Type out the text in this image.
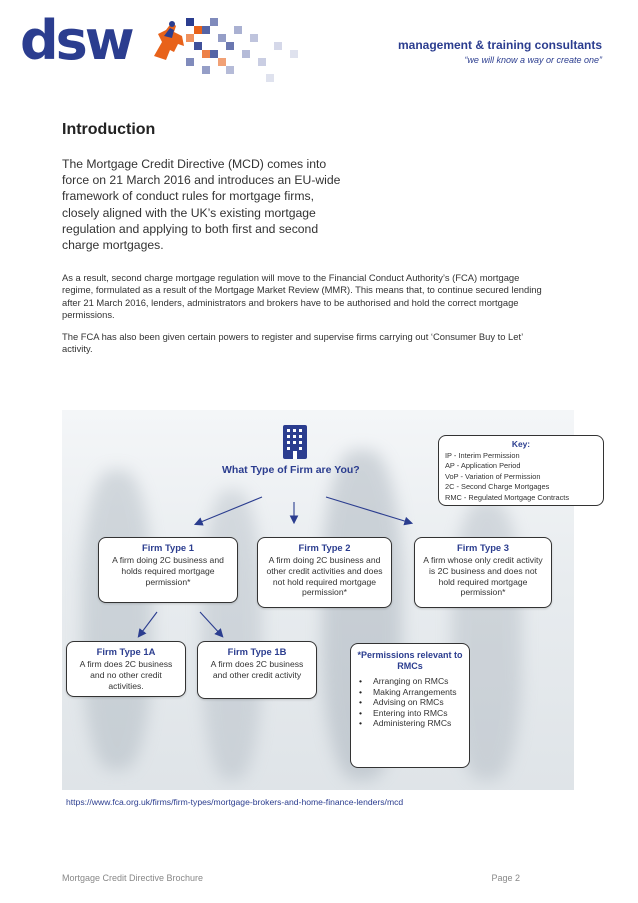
dsw	management & training consultants
“we will know a way or create one”
Introduction
The Mortgage Credit Directive (MCD) comes into force on 21 March 2016 and introduces an EU-wide framework of conduct rules for mortgage firms, closely aligned with the UK’s existing mortgage regulation and applying to both first and second charge mortgages.
As a result, second charge mortgage regulation will move to the Financial Conduct Authority’s (FCA) mortgage regime, formulated as a result of the Mortgage Market Review (MMR). This means that, to continue secured lending after 21 March 2016, lenders, administrators and brokers have to be authorised and hold the correct mortgage permissions.
The FCA has also been given certain powers to register and supervise firms carrying out ‘Consumer Buy to Let’ activity.
What Type of Firm are You?
Key:
IP - Interim Permission
AP - Application Period
VoP - Variation of Permission
2C - Second Charge Mortgages
RMC - Regulated Mortgage Contracts
Firm Type 1
A firm doing 2C business and holds required mortgage permission*
Firm Type 2
A firm doing 2C business and other credit activities and does not hold required mortgage permission*
Firm Type 3
A firm whose only credit activity is 2C business and does not hold required mortgage permission*
Firm Type 1A
A firm does 2C business and no other credit activities.
Firm Type 1B
A firm does 2C business and other credit activity
*Permissions relevant to RMCs
• Arranging on RMCs
• Making Arrangements
• Advising on RMCs
• Entering into RMCs
• Administering RMCs
https://www.fca.org.uk/firms/firm-types/mortgage-brokers-and-home-finance-lenders/mcd
Mortgage Credit Directive Brochure	Page 2
